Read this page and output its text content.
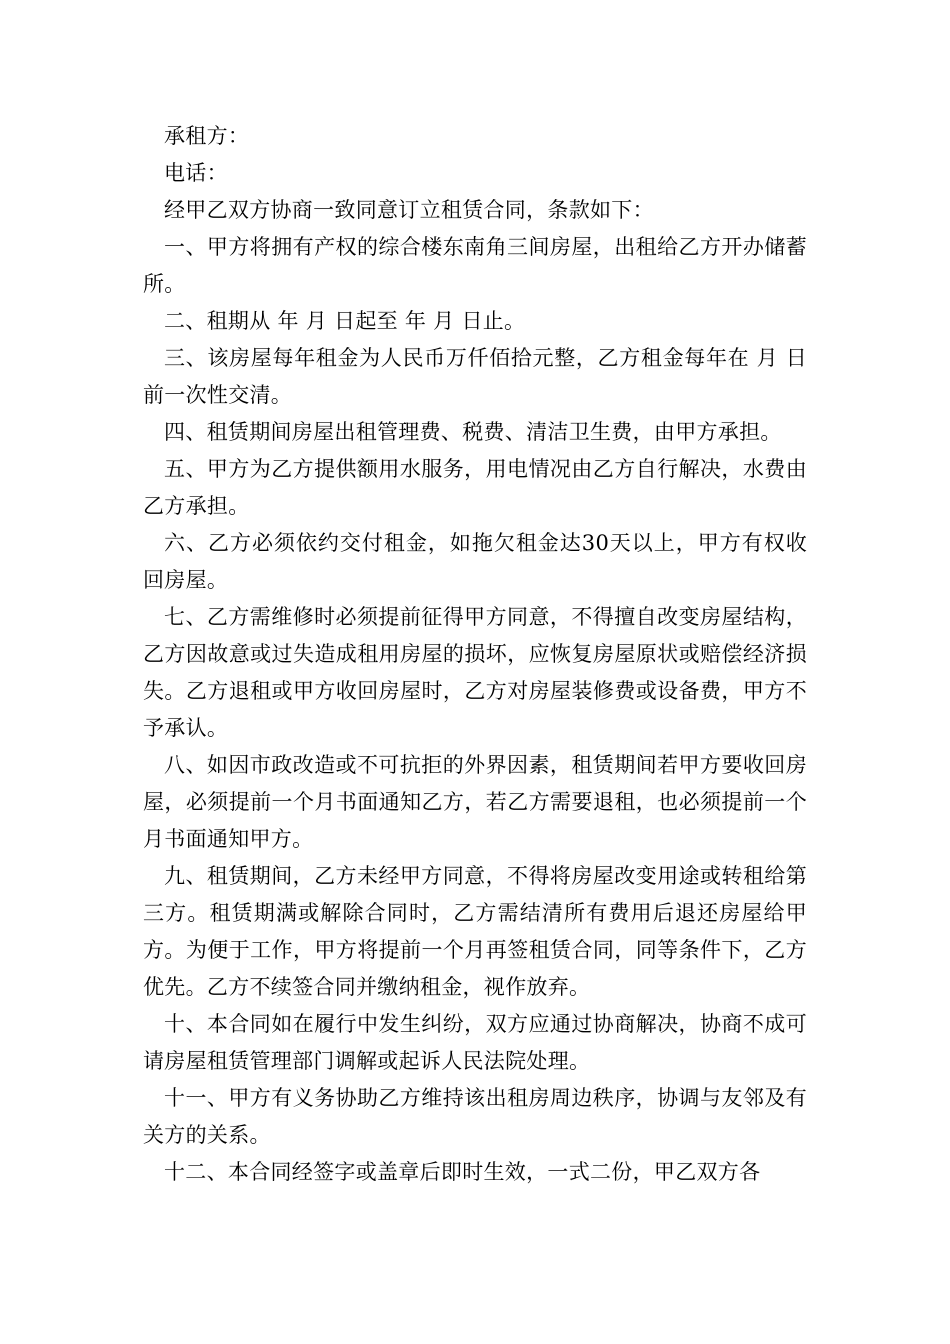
承租方：

电话：

经甲乙双方协商一致同意订立租赁合同，条款如下：

一、甲方将拥有产权的综合楼东南角三间房屋，出租给乙方开办储蓄所。

二、租期从 年 月 日起至 年 月 日止。

三、该房屋每年租金为人民币万仟佰拾元整，乙方租金每年在 月 日前一次性交清。

四、租赁期间房屋出租管理费、税费、清洁卫生费，由甲方承担。

五、甲方为乙方提供额用水服务，用电情况由乙方自行解决，水费由乙方承担。

六、乙方必须依约交付租金，如拖欠租金达30天以上，甲方有权收回房屋。

七、乙方需维修时必须提前征得甲方同意，不得擅自改变房屋结构，乙方因故意或过失造成租用房屋的损坏，应恢复房屋原状或赔偿经济损失。乙方退租或甲方收回房屋时，乙方对房屋装修费或设备费，甲方不予承认。

八、如因市政改造或不可抗拒的外界因素，租赁期间若甲方要收回房屋，必须提前一个月书面通知乙方，若乙方需要退租，也必须提前一个月书面通知甲方。

九、租赁期间，乙方未经甲方同意，不得将房屋改变用途或转租给第三方。租赁期满或解除合同时，乙方需结清所有费用后退还房屋给甲方。为便于工作，甲方将提前一个月再签租赁合同，同等条件下，乙方优先。乙方不续签合同并缴纳租金，视作放弃。

十、本合同如在履行中发生纠纷，双方应通过协商解决，协商不成可请房屋租赁管理部门调解或起诉人民法院处理。

十一、甲方有义务协助乙方维持该出租房周边秩序，协调与友邻及有关方的关系。

十二、本合同经签字或盖章后即时生效，一式二份，甲乙双方各
